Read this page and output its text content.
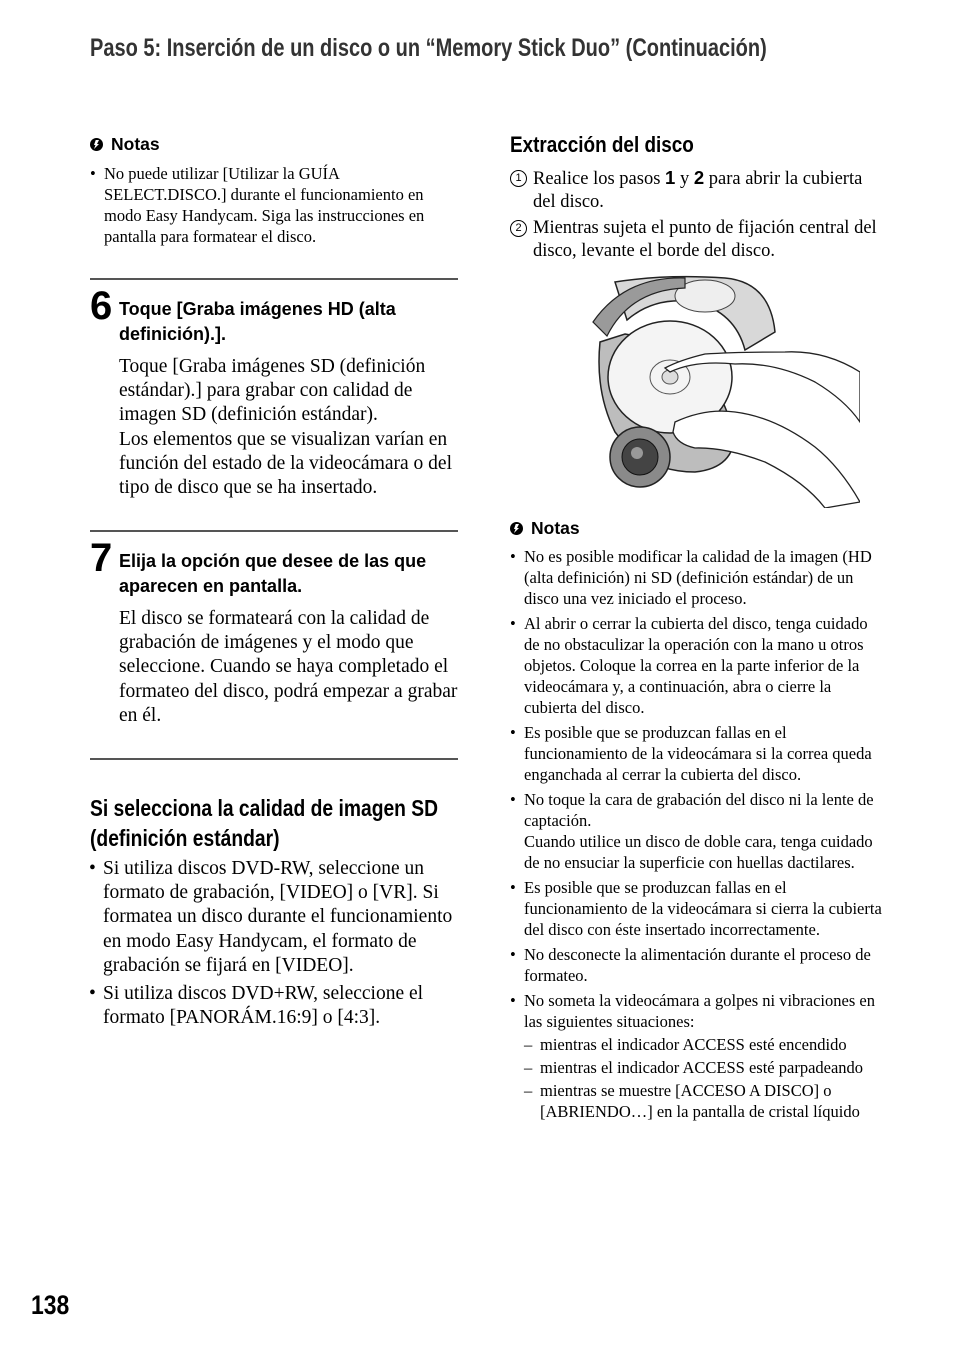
Paso 5: Inserción de un disco o un “Memory Stick Duo” (Continuación)
Notas
• No puede utilizar [Utilizar la GUÍA SELECT.DISCO.] durante el funcionamiento en modo Easy Handycam. Siga las instrucciones en pantalla para formatear el disco.
6 Toque [Graba imágenes HD (alta definición).].
Toque [Graba imágenes SD (definición estándar).] para grabar con calidad de imagen SD (definición estándar).
Los elementos que se visualizan varían en función del estado de la videocámara o del tipo de disco que se ha insertado.
7 Elija la opción que desee de las que aparecen en pantalla.
El disco se formateará con la calidad de grabación de imágenes y el modo que seleccione. Cuando se haya completado el formateo del disco, podrá empezar a grabar en él.
Si selecciona la calidad de imagen SD (definición estándar)
• Si utiliza discos DVD-RW, seleccione un formato de grabación, [VIDEO] o [VR]. Si formatea un disco durante el funcionamiento en modo Easy Handycam, el formato de grabación se fijará en [VIDEO].
• Si utiliza discos DVD+RW, seleccione el formato [PANORÁM.16:9] o [4:3].
Extracción del disco
1 Realice los pasos 1 y 2 para abrir la cubierta del disco.
2 Mientras sujeta el punto de fijación central del disco, levante el borde del disco.
Notas
• No es posible modificar la calidad de la imagen (HD (alta definición) ni SD (definición estándar) de un disco una vez iniciado el proceso.
• Al abrir o cerrar la cubierta del disco, tenga cuidado de no obstaculizar la operación con la mano u otros objetos. Coloque la correa en la parte inferior de la videocámara y, a continuación, abra o cierre la cubierta del disco.
• Es posible que se produzcan fallas en el funcionamiento de la videocámara si la correa queda enganchada al cerrar la cubierta del disco.
• No toque la cara de grabación del disco ni la lente de captación.
Cuando utilice un disco de doble cara, tenga cuidado de no ensuciar la superficie con huellas dactilares.
• Es posible que se produzcan fallas en el funcionamiento de la videocámara si cierra la cubierta del disco con éste insertado incorrectamente.
• No desconecte la alimentación durante el proceso de formateo.
• No someta la videocámara a golpes ni vibraciones en las siguientes situaciones:
– mientras el indicador ACCESS esté encendido
– mientras el indicador ACCESS esté parpadeando
– mientras se muestre [ACCESO A DISCO] o [ABRIENDO…] en la pantalla de cristal líquido
138
